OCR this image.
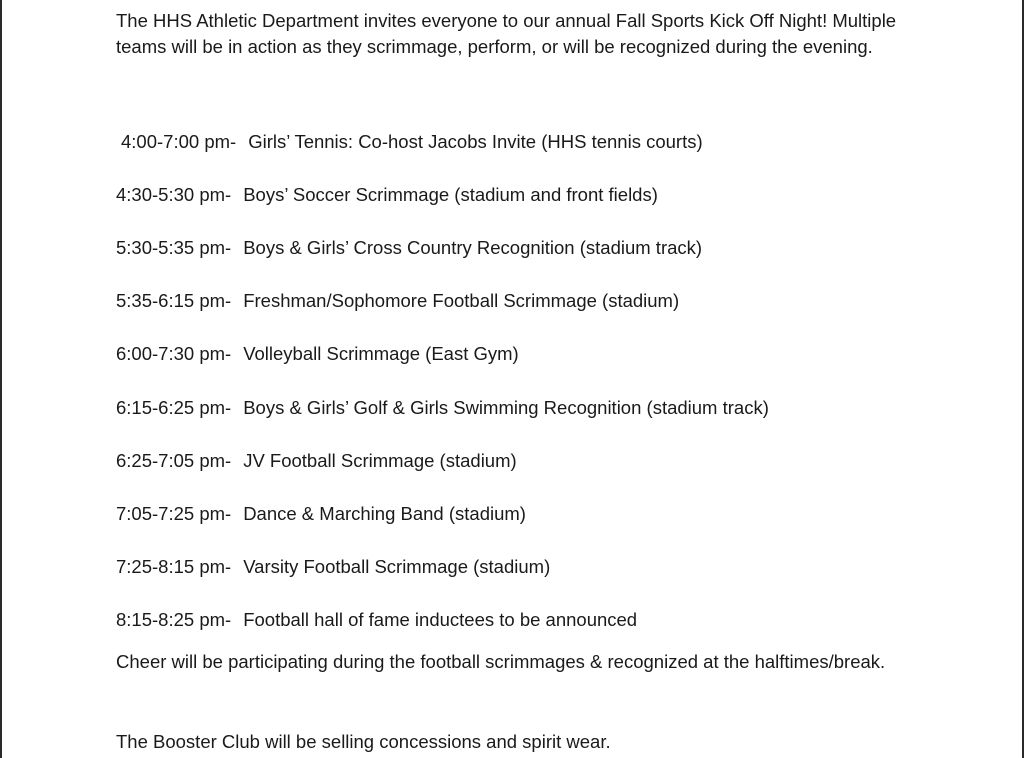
The HHS Athletic Department invites everyone to our annual Fall Sports Kick Off Night! Multiple teams will be in action as they scrimmage, perform, or will be recognized during the evening.

4:00-7:00 pm- Girls’ Tennis: Co-host Jacobs Invite (HHS tennis courts)
4:30-5:30 pm- Boys’ Soccer Scrimmage (stadium and front fields)
5:30-5:35 pm- Boys & Girls’ Cross Country Recognition (stadium track)
5:35-6:15 pm- Freshman/Sophomore Football Scrimmage (stadium)
6:00-7:30 pm- Volleyball Scrimmage (East Gym)
6:15-6:25 pm- Boys & Girls’ Golf & Girls Swimming Recognition (stadium track)
6:25-7:05 pm- JV Football Scrimmage (stadium)
7:05-7:25 pm- Dance & Marching Band (stadium)
7:25-8:15 pm- Varsity Football Scrimmage (stadium)
8:15-8:25 pm- Football hall of fame inductees to be announced

Cheer will be participating during the football scrimmages & recognized at the halftimes/break.

The Booster Club will be selling concessions and spirit wear.
